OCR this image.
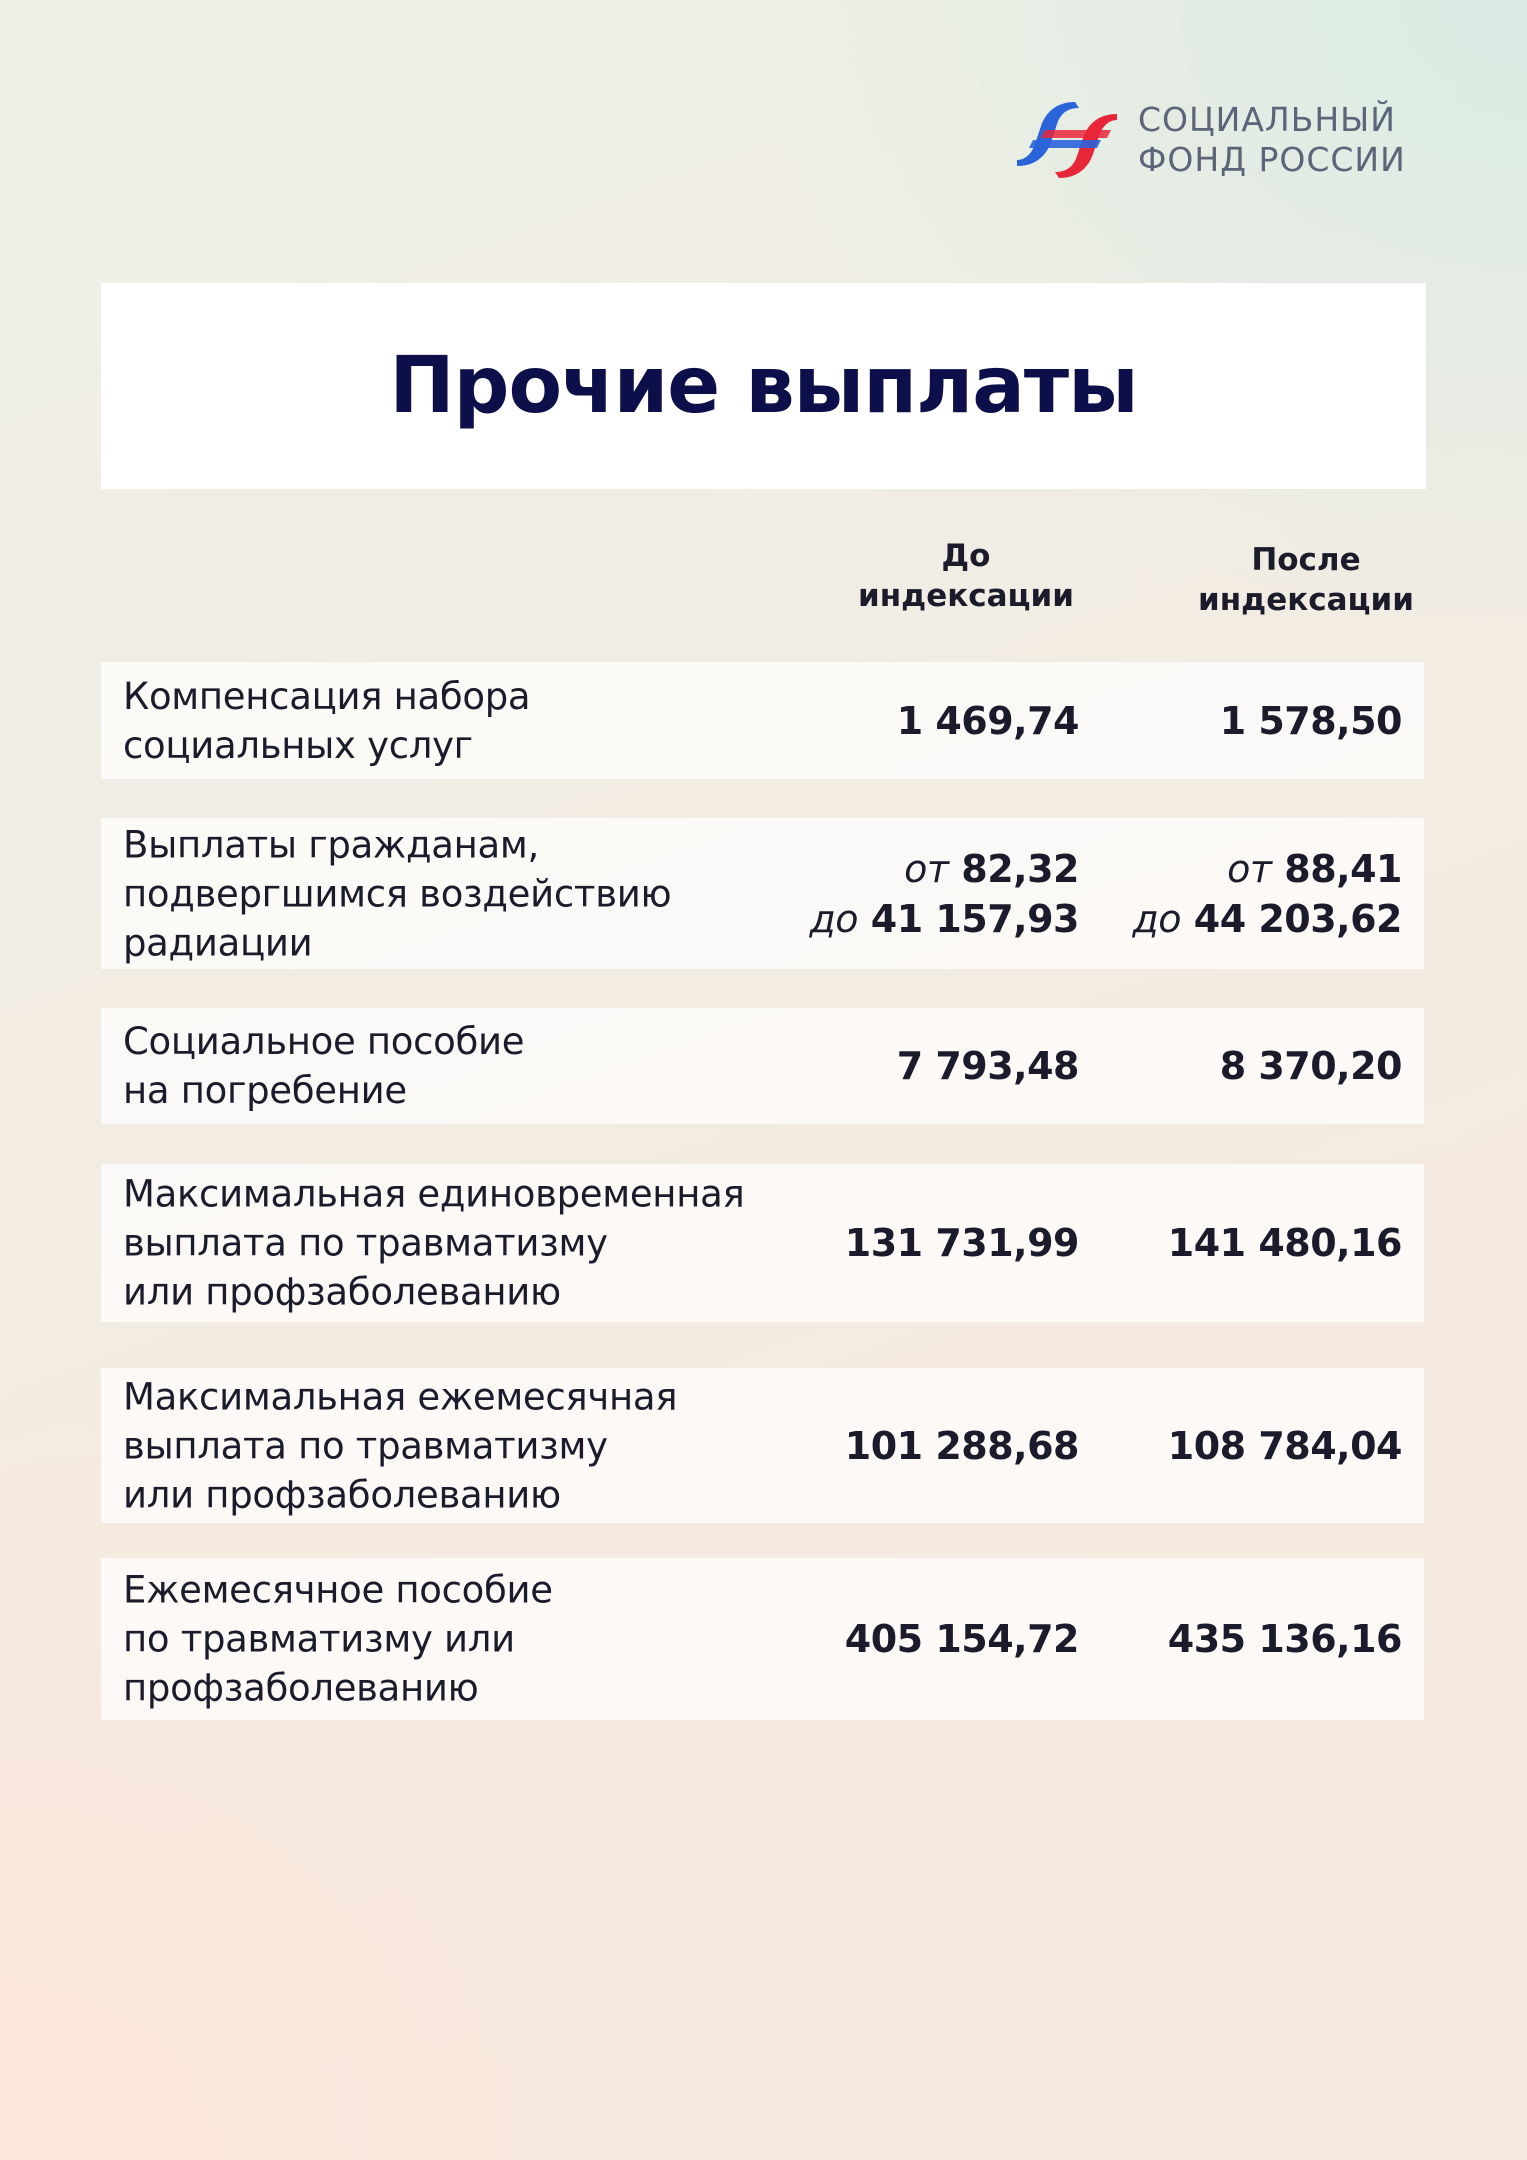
СОЦИАЛЬНЫЙ
ФОНД РОССИИ
Прочие выплаты
До
индексации
После
индексации
Компенсация набора
социальных услуг
1 469,74	1 578,50
Выплаты гражданам,
подвергшимся воздействию
радиации
от 82,32
до 41 157,93
от 88,41
до 44 203,62
Социальное пособие
на погребение
7 793,48	8 370,20
Максимальная единовременная
выплата по травматизму
или профзаболеванию
131 731,99 141 480,16
Максимальная ежемесячная
выплата по травматизму
или профзаболеванию
101 288,68 108 784,04
Ежемесячное пособие
по травматизму или
профзаболеванию
405 154,72 435 136,16
